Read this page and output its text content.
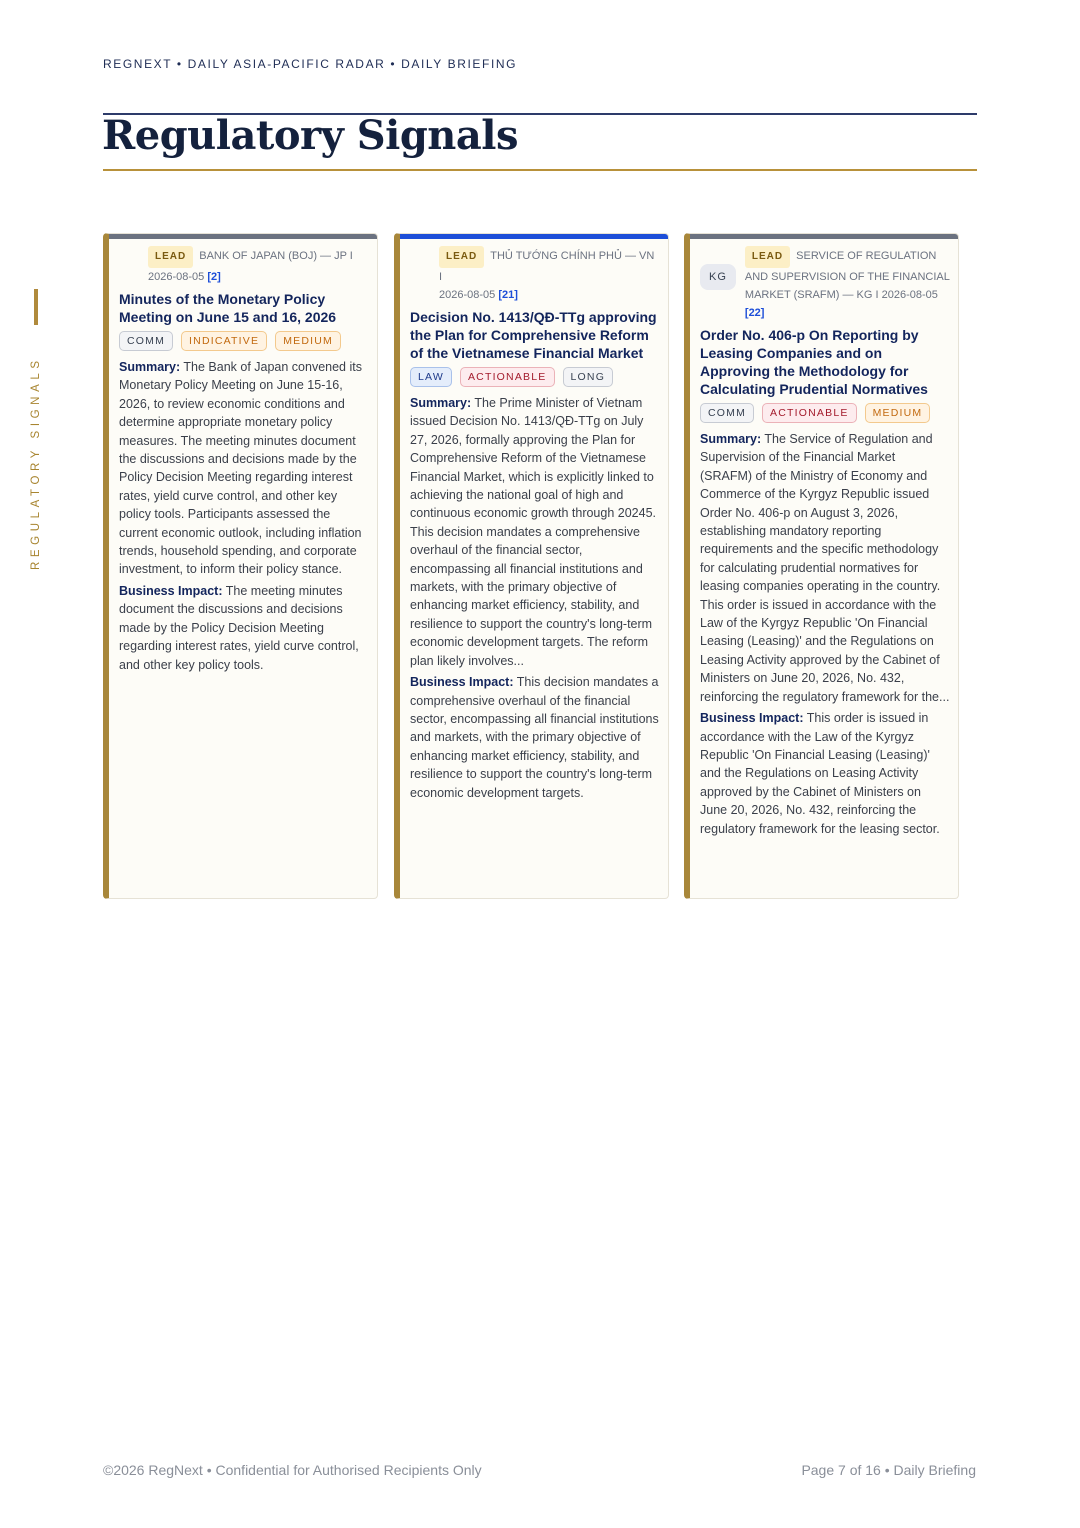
REGNEXT • DAILY ASIA-PACIFIC RADAR • DAILY BRIEFING
Regulatory Signals
REGULATORY SIGNALS
LEAD BANK OF JAPAN (BOJ) — JP I
2026-08-05 [2]
Minutes of the Monetary Policy Meeting on June 15 and 16, 2026
COMM	INDICATIVE	MEDIUM

Summary: The Bank of Japan convened its Monetary Policy Meeting on June 15-16, 2026, to review economic conditions and determine appropriate monetary policy measures. The meeting minutes document the discussions and decisions made by the Policy Decision Meeting regarding interest rates, yield curve control, and other key policy tools. Participants assessed the current economic outlook, including inflation trends, household spending, and corporate investment, to inform their policy stance.

Business Impact: The meeting minutes document the discussions and decisions made by the Policy Decision Meeting regarding interest rates, yield curve control, and other key policy tools.

LEAD THỦ TƯỚNG CHÍNH PHỦ — VN I
2026-08-05 [21]
Decision No. 1413/QĐ-TTg approving the Plan for Comprehensive Reform of the Vietnamese Financial Market
LAW	ACTIONABLE	LONG

Summary: The Prime Minister of Vietnam issued Decision No. 1413/QĐ-TTg on July 27, 2026, formally approving the Plan for Comprehensive Reform of the Vietnamese Financial Market, which is explicitly linked to achieving the national goal of high and continuous economic growth through 20245. This decision mandates a comprehensive overhaul of the financial sector, encompassing all financial institutions and markets, with the primary objective of enhancing market efficiency, stability, and resilience to support the country's long-term economic development targets. The reform plan likely involves...

Business Impact: This decision mandates a comprehensive overhaul of the financial sector, encompassing all financial institutions and markets, with the primary objective of enhancing market efficiency, stability, and resilience to support the country's long-term economic development targets.

KG
LEAD SERVICE OF REGULATION AND SUPERVISION OF THE FINANCIAL MARKET (SRAFM) — KG I 2026-08-05 [22]
Order No. 406-p On Reporting by Leasing Companies and on Approving the Methodology for Calculating Prudential Normatives
COMM	ACTIONABLE	MEDIUM

Summary: The Service of Regulation and Supervision of the Financial Market (SRAFM) of the Ministry of Economy and Commerce of the Kyrgyz Republic issued Order No. 406-p on August 3, 2026, establishing mandatory reporting requirements and the specific methodology for calculating prudential normatives for leasing companies operating in the country. This order is issued in accordance with the Law of the Kyrgyz Republic 'On Financial Leasing (Leasing)' and the Regulations on Leasing Activity approved by the Cabinet of Ministers on June 20, 2026, No. 432, reinforcing the regulatory framework for the...

Business Impact: This order is issued in accordance with the Law of the Kyrgyz Republic 'On Financial Leasing (Leasing)' and the Regulations on Leasing Activity approved by the Cabinet of Ministers on June 20, 2026, No. 432, reinforcing the regulatory framework for the leasing sector.

©2026 RegNext • Confidential for Authorised Recipients Only	Page 7 of 16 • Daily Briefing
